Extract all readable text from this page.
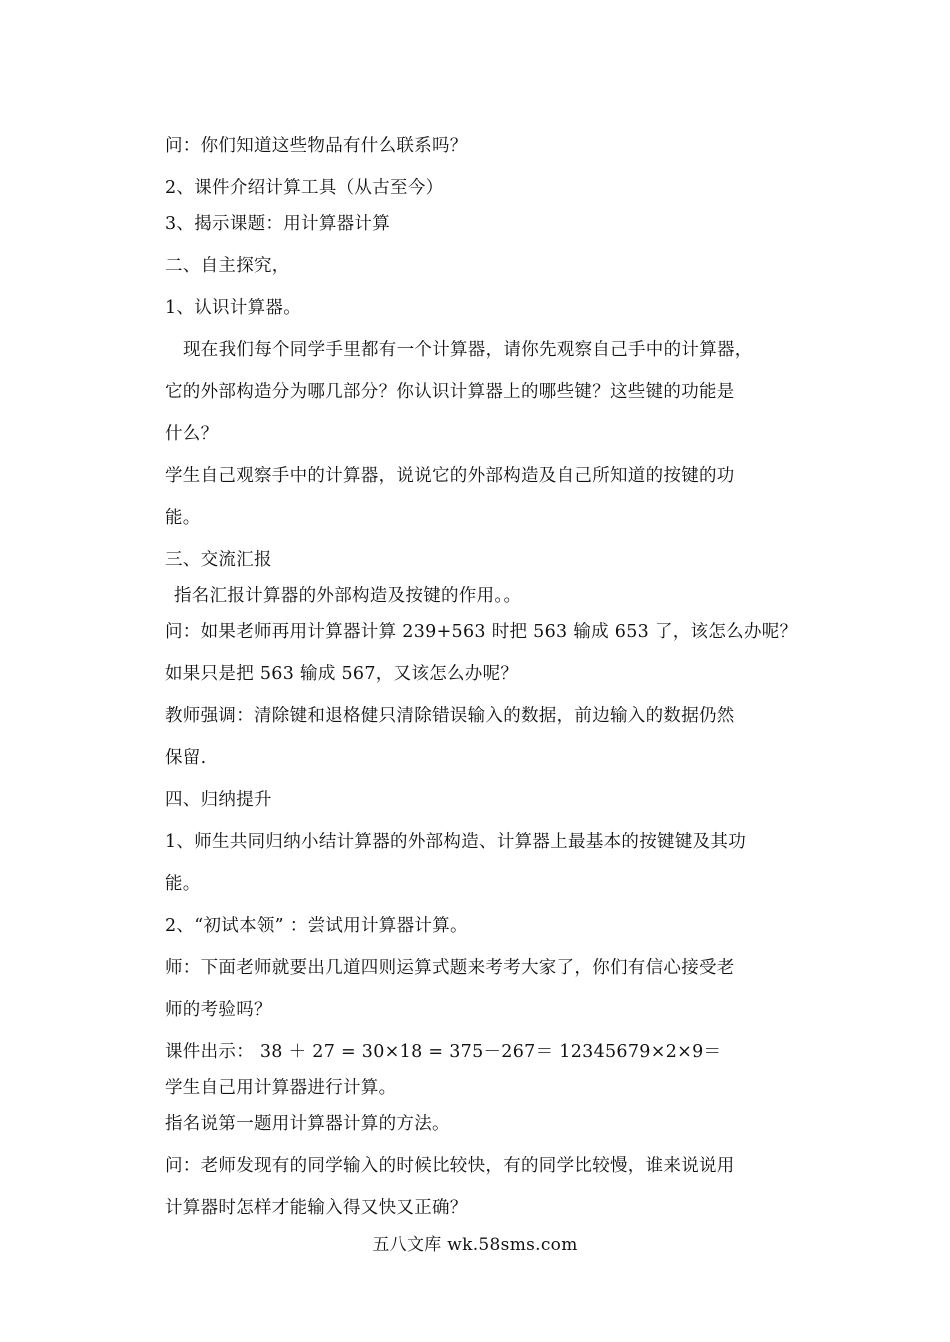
问：你们知道这些物品有什么联系吗？
2、课件介绍计算工具（从古至今）
3、揭示课题：用计算器计算
二、自主探究，
1、认识计算器。
现在我们每个同学手里都有一个计算器，请你先观察自己手中的计算器，
它的外部构造分为哪几部分？你认识计算器上的哪些键？这些键的功能是
什么？
学生自己观察手中的计算器，说说它的外部构造及自己所知道的按键的功
能。
三、交流汇报
指名汇报计算器的外部构造及按键的作用。。
问：如果老师再用计算器计算 239+563 时把 563 输成 653 了，该怎么办呢？
如果只是把 563 输成 567，又该怎么办呢？
教师强调：清除键和退格健只清除错误输入的数据，前边输入的数据仍然
保留.
四、归纳提升
1、师生共同归纳小结计算器的外部构造、计算器上最基本的按键键及其功
能。
2、“初试本领” ：尝试用计算器计算。
师：下面老师就要出几道四则运算式题来考考大家了，你们有信心接受老
师的考验吗？
课件出示： 38 ＋ 27 = 30×18 = 375－267＝ 12345679×2×9＝
学生自己用计算器进行计算。
指名说第一题用计算器计算的方法。
问：老师发现有的同学输入的时候比较快，有的同学比较慢，谁来说说用
计算器时怎样才能输入得又快又正确？
五八文库 wk.58sms.com
